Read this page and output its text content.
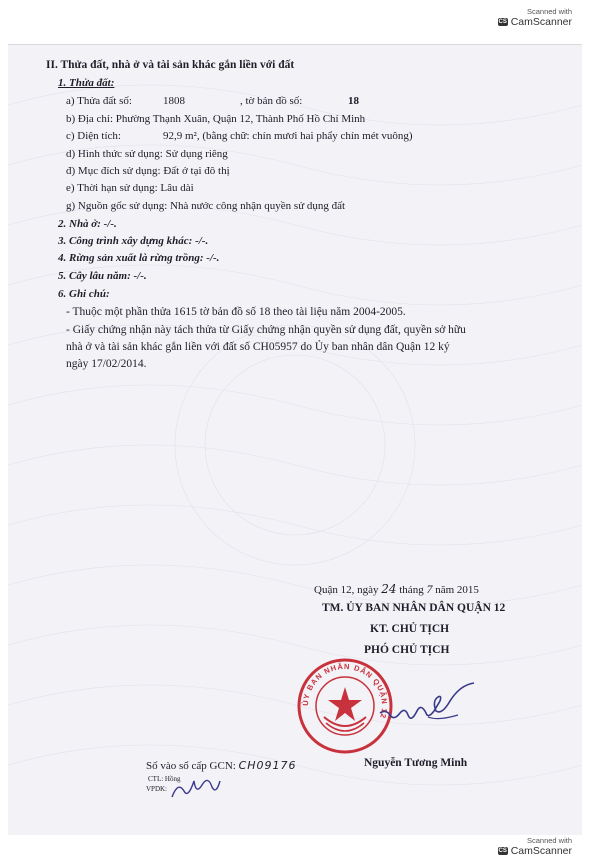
Scanned with
CS CamScanner
II. Thửa đất, nhà ở và tài sản khác gắn liền với đất
1. Thửa đất:
a) Thửa đất số:	1808	, tờ bản đồ số:	18
b) Địa chỉ: Phường Thạnh Xuân, Quận 12, Thành Phố Hồ Chí Minh
c) Diện tích:	92,9 m², (bằng chữ: chín mươi hai phẩy chín mét vuông)
d) Hình thức sử dụng: Sử dụng riêng
đ) Mục đích sử dụng: Đất ở tại đô thị
e) Thời hạn sử dụng: Lâu dài
g) Nguồn gốc sử dụng: Nhà nước công nhận quyền sử dụng đất
2. Nhà ở: -/-.
3. Công trình xây dựng khác: -/-.
4. Rừng sản xuất là rừng trồng: -/-.
5. Cây lâu năm: -/-.
6. Ghi chú:
- Thuộc một phần thửa 1615 tờ bản đồ số 18 theo tài liệu năm 2004-2005.
- Giấy chứng nhận này tách thửa từ Giấy chứng nhận quyền sử dụng đất, quyền sở hữu
nhà ở và tài sản khác gắn liền với đất số CH05957 do Ủy ban nhân dân Quận 12 ký
ngày 17/02/2014.
Quận 12, ngày 24 tháng 7 năm 2015
TM. ỦY BAN NHÂN DÂN QUẬN 12
KT. CHỦ TỊCH
PHÓ CHỦ TỊCH
ỦY BAN NHÂN DÂN QUẬN 12
Nguyễn Tương Minh
Số vào sổ cấp GCN: CH09176
CTL: Hồng
VPDK:
Scanned with
CS CamScanner
